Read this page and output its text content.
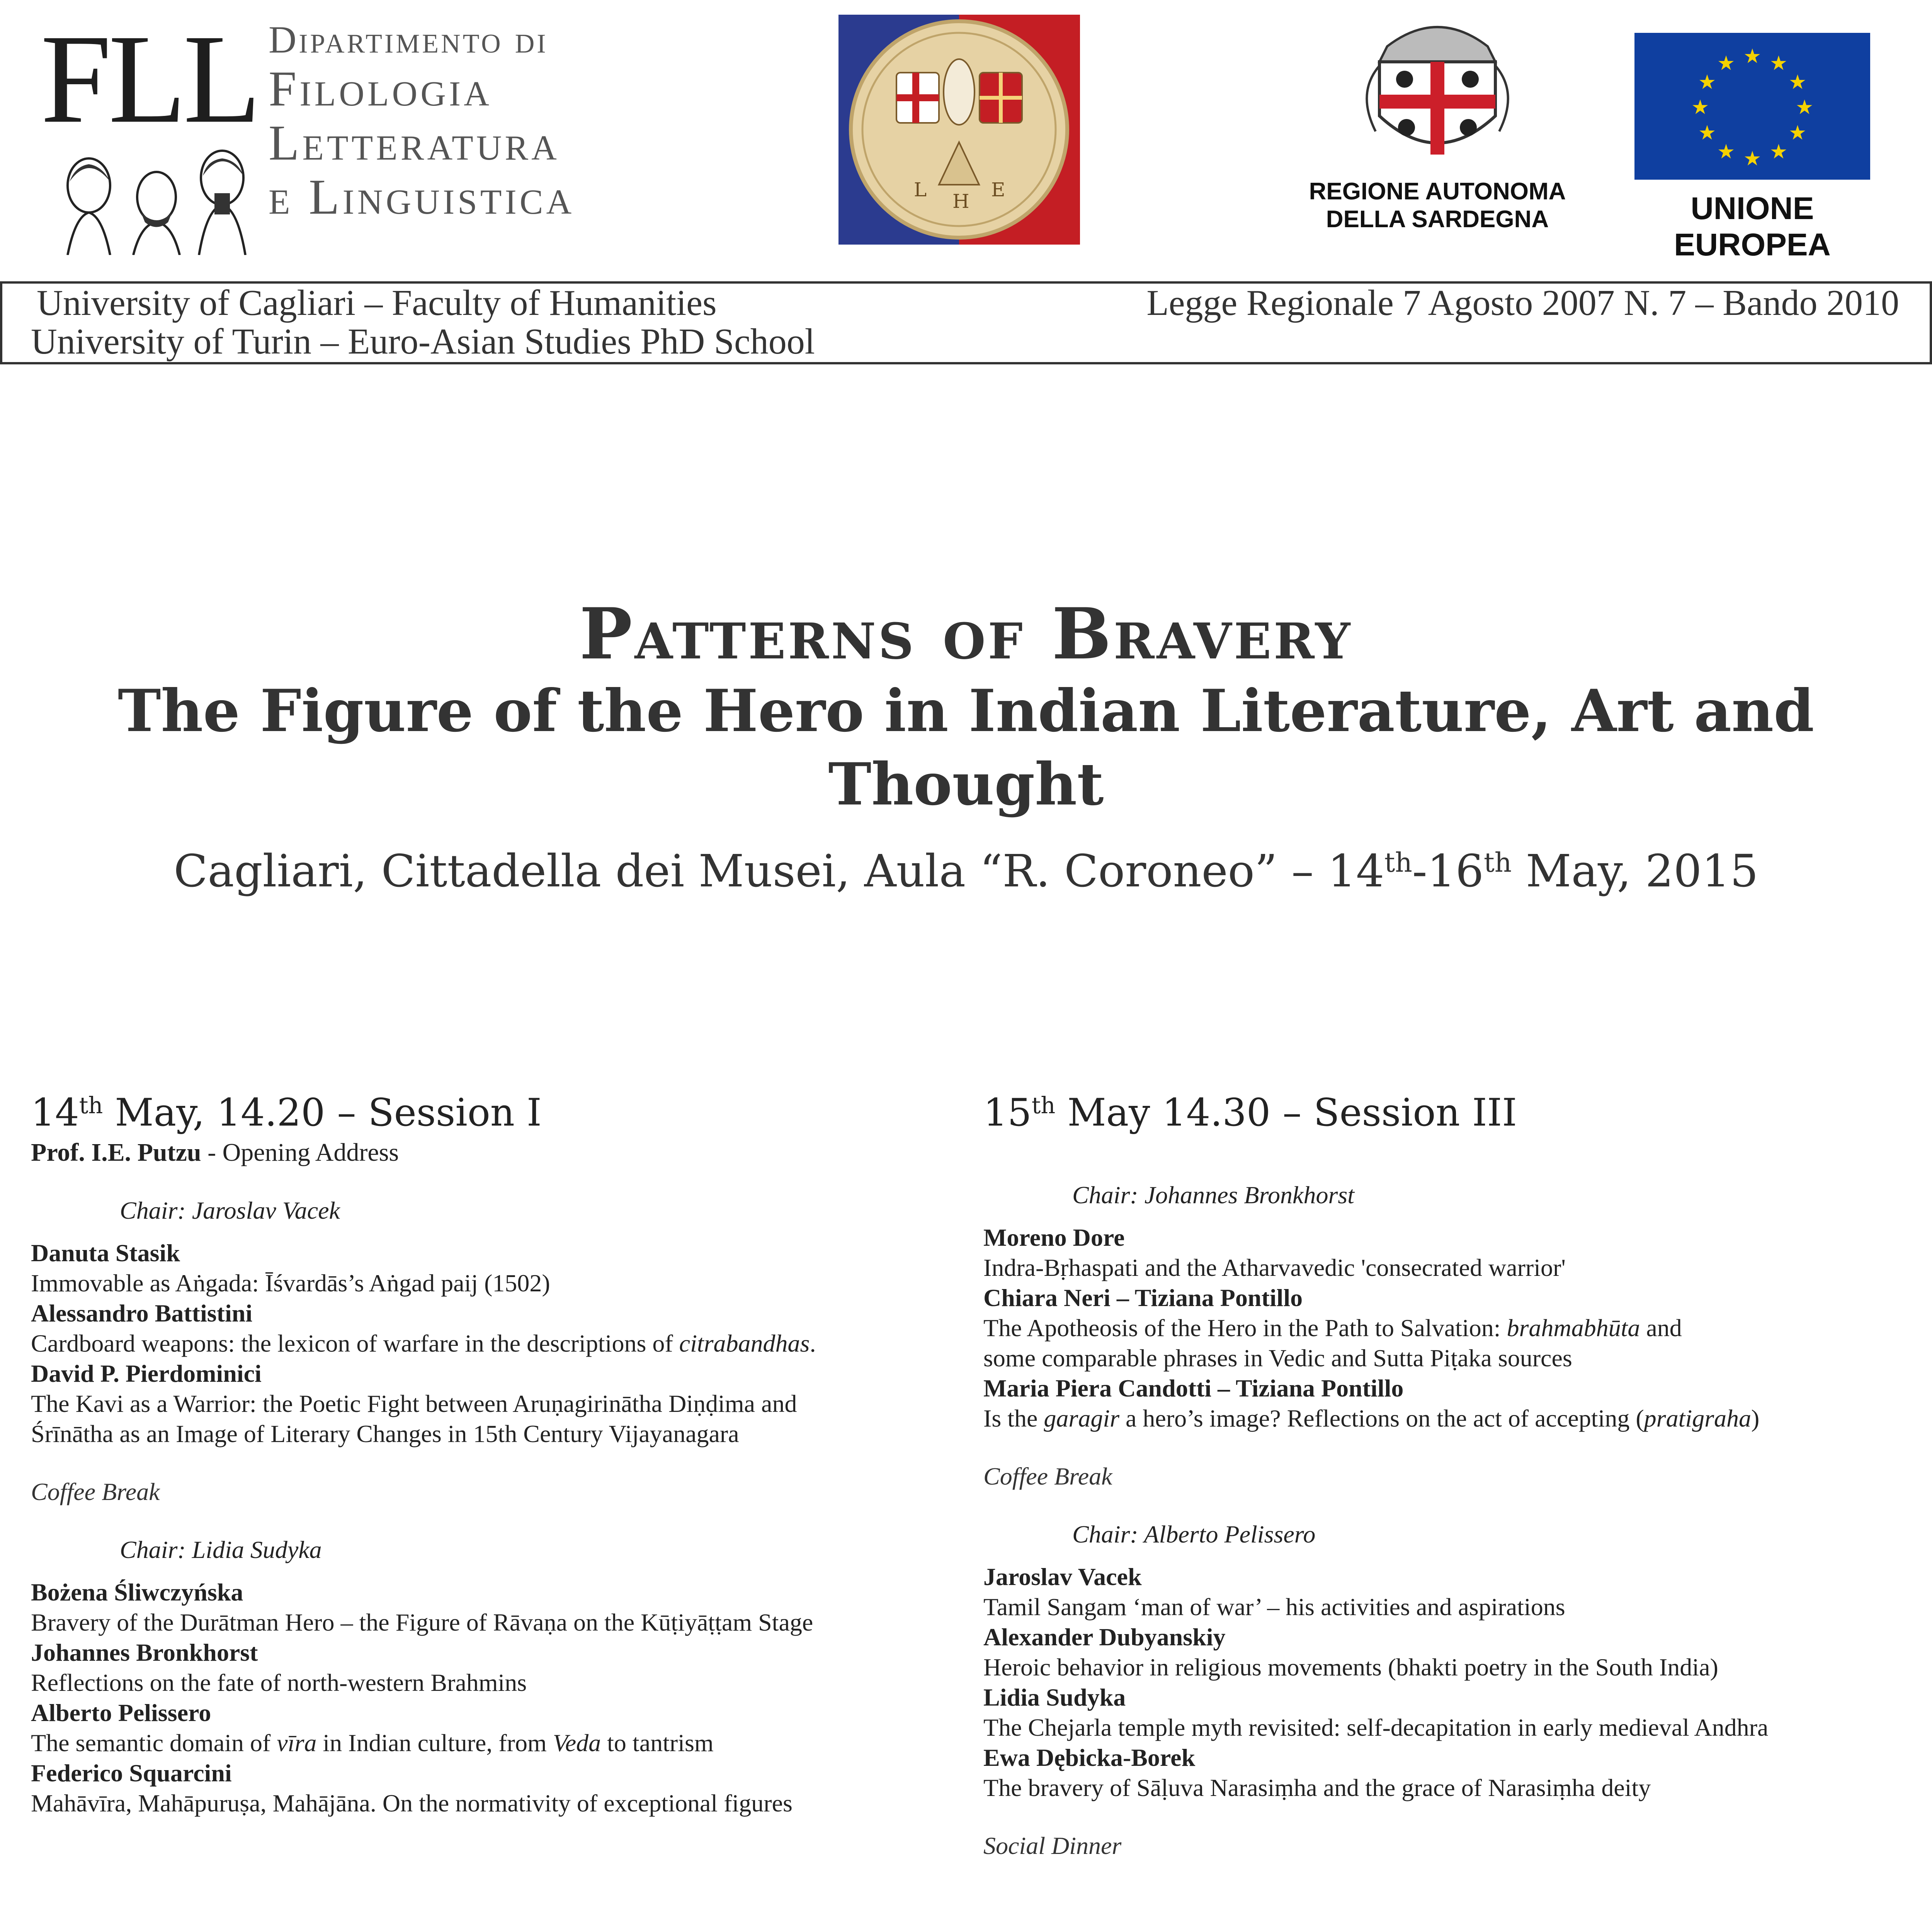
FLL Dipartimento di
Filologia
Letteratura
e Linguistica	L
H
E	REGIONE AUTONOMA
DELLA SARDEGNA
★ ★
★
★
★
★
★
★
★
★
★
★
UNIONE EUROPEA
University of Cagliari – Faculty of Humanities
University of Turin – Euro-Asian Studies PhD School
Legge Regionale 7 Agosto 2007 N. 7 – Bando 2010
Patterns of Bravery
The Figure of the Hero in Indian Literature, Art and Thought
Cagliari, Cittadella dei Musei, Aula “R. Coroneo” – 14th-16th May, 2015
14th May, 14.20 – Session I
Prof. I.E. Putzu - Opening Address
Chair: Jaroslav Vacek
Danuta Stasik
Immovable as Aṅgada: Īśvardās’s Aṅgad paij (1502)
Alessandro Battistini
Cardboard weapons: the lexicon of warfare in the descriptions of citrabandhas.
David P. Pierdominici
The Kavi as a Warrior: the Poetic Fight between Aruṇagirinātha Diṇḍima and
Śrīnātha as an Image of Literary Changes in 15th Century Vijayanagara
Coffee Break
Chair: Lidia Sudyka
Bożena Śliwczyńska
Bravery of the Durātman Hero – the Figure of Rāvaṇa on the Kūṭiyāṭṭam Stage
Johannes Bronkhorst
Reflections on the fate of north-western Brahmins
Alberto Pelissero
The semantic domain of vīra in Indian culture, from Veda to tantrism
Federico Squarcini
Mahāvīra, Mahāpuruṣa, Mahājāna. On the normativity of exceptional figures
15th May 14.30 – Session III
Chair: Johannes Bronkhorst
Moreno Dore
Indra-Bṛhaspati and the Atharvavedic 'consecrated warrior'
Chiara Neri – Tiziana Pontillo
The Apotheosis of the Hero in the Path to Salvation: brahmabhūta and
some comparable phrases in Vedic and Sutta Piṭaka sources
Maria Piera Candotti – Tiziana Pontillo
Is the garagir a hero’s image? Reflections on the act of accepting (pratigraha)
Coffee Break
Chair: Alberto Pelissero
Jaroslav Vacek
Tamil Sangam ‘man of war’ – his activities and aspirations
Alexander Dubyanskiy
Heroic behavior in religious movements (bhakti poetry in the South India)
Lidia Sudyka
The Chejarla temple myth revisited: self-decapitation in early medieval Andhra
Ewa Dębicka-Borek
The bravery of Sāḷuva Narasiṃha and the grace of Narasiṃha deity
Social Dinner
